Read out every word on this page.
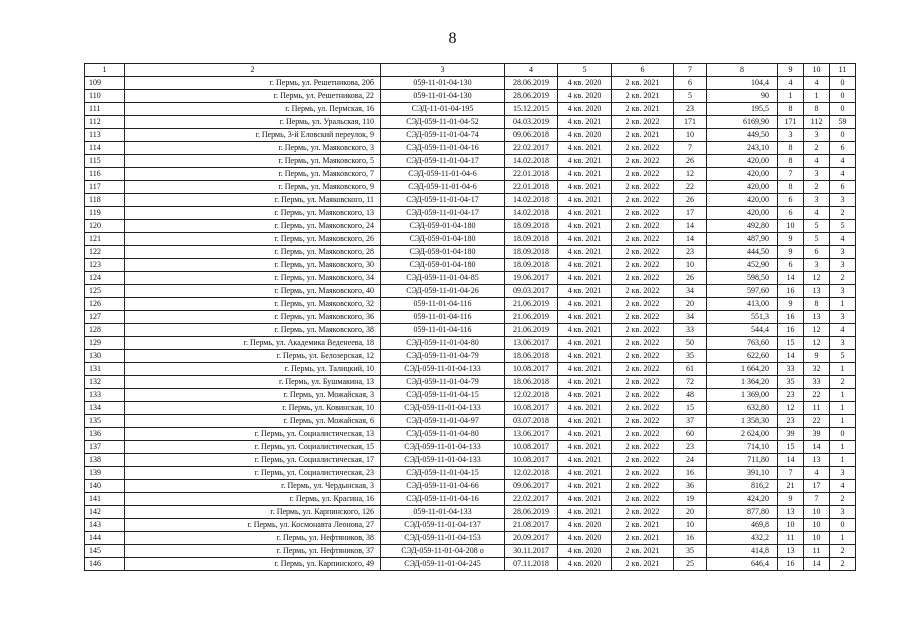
8
1	2	3	4	5	6	7	8	9	10	11
109	г. Пермь, ул. Решетникова, 20б	059-11-01-04-130	28.06.2019	4 кв. 2020	2 кв. 2021	6	104,4	4	4	0
110	г. Пермь, ул. Решетникова, 22	059-11-01-04-130	28.06.2019	4 кв. 2020	2 кв. 2021	5	90	1	1	0
111	г. Пермь, ул. Пермская, 16	СЭД-11-01-04-195	15.12.2015	4 кв. 2020	2 кв. 2021	23	195,5	8	8	0
112	г. Пермь, ул. Уральская, 110	СЭД-059-11-01-04-52	04.03.2019	4 кв. 2021	2 кв. 2022	171	6169,90	171	112	59
113	г. Пермь, 3-й Еловский переулок, 9	СЭД-059-11-01-04-74	09.06.2018	4 кв. 2020	2 кв. 2021	10	449,50	3	3	0
114	г. Пермь, ул. Маяковского, 3	СЭД-059-11-01-04-16	22.02.2017	4 кв. 2021	2 кв. 2022	7	243,10	8	2	6
115	г. Пермь, ул. Маяковского, 5	СЭД-059-11-01-04-17	14.02.2018	4 кв. 2021	2 кв. 2022	26	420,00	8	4	4
116	г. Пермь, ул. Маяковского, 7	СЭД-059-11-01-04-6	22.01.2018	4 кв. 2021	2 кв. 2022	12	420,00	7	3	4
117	г. Пермь, ул. Маяковского, 9	СЭД-059-11-01-04-6	22.01.2018	4 кв. 2021	2 кв. 2022	22	420,00	8	2	6
118	г. Пермь, ул. Маяковского, 11	СЭД-059-11-01-04-17	14.02.2018	4 кв. 2021	2 кв. 2022	26	420,00	6	3	3
119	г. Пермь, ул. Маяковского, 13	СЭД-059-11-01-04-17	14.02.2018	4 кв. 2021	2 кв. 2022	17	420,00	6	4	2
120	г. Пермь, ул. Маяковского, 24	СЭД-059-01-04-180	18.09.2018	4 кв. 2021	2 кв. 2022	14	492,80	10	5	5
121	г. Пермь, ул. Маяковского, 26	СЭД-059-01-04-180	18.09.2018	4 кв. 2021	2 кв. 2022	14	487,90	9	5	4
122	г. Пермь, ул. Маяковского, 28	СЭД-059-01-04-180	18.09.2018	4 кв. 2021	2 кв. 2022	23	444,50	9	6	3
123	г. Пермь, ул. Маяковского, 30	СЭД-059-01-04-180	18.09.2018	4 кв. 2021	2 кв. 2022	10	452,90	6	3	3
124	г. Пермь, ул. Маяковского, 34	СЭД-059-11-01-04-85	19.06.2017	4 кв. 2021	2 кв. 2022	26	598,50	14	12	2
125	г. Пермь, ул. Маяковского, 40	СЭД-059-11-01-04-26	09.03.2017	4 кв. 2021	2 кв. 2022	34	597,60	16	13	3
126	г. Пермь, ул. Маяковского, 32	059-11-01-04-116	21.06.2019	4 кв. 2021	2 кв. 2022	20	413,00	9	8	1
127	г. Пермь, ул. Маяковского, 36	059-11-01-04-116	21.06.2019	4 кв. 2021	2 кв. 2022	34	551,3	16	13	3
128	г. Пермь, ул. Маяковского, 38	059-11-01-04-116	21.06.2019	4 кв. 2021	2 кв. 2022	33	544,4	16	12	4
129	г. Пермь, ул. Академика Веденеева, 18	СЭД-059-11-01-04-80	13.06.2017	4 кв. 2021	2 кв. 2022	50	763,60	15	12	3
130	г. Пермь, ул. Белозерская, 12	СЭД-059-11-01-04-79	18.06.2018	4 кв. 2021	2 кв. 2022	35	622,60	14	9	5
131	г. Пермь, ул. Талицкий, 10	СЭД-059-11-01-04-133	10.08.2017	4 кв. 2021	2 кв. 2022	61	1 664,20	33	32	1
132	г. Пермь, ул. Бушмакина, 13	СЭД-059-11-01-04-79	18.06.2018	4 кв. 2021	2 кв. 2022	72	1 364,20	35	33	2
133	г. Пермь, ул. Можайская, 3	СЭД-059-11-01-04-15	12.02.2018	4 кв. 2021	2 кв. 2022	48	1 369,00	23	22	1
134	г. Пермь, ул. Ковинская, 10	СЭД-059-11-01-04-133	10.08.2017	4 кв. 2021	2 кв. 2022	15	632,80	12	11	1
135	г. Пермь, ул. Можайская, 6	СЭД-059-11-01-04-97	03.07.2018	4 кв. 2021	2 кв. 2022	37	1 358,30	23	22	1
136	г. Пермь, ул. Социалистическая, 13	СЭД-059-11-01-04-80	13.06.2017	4 кв. 2021	2 кв. 2022	60	2 624,00	39	39	0
137	г. Пермь, ул. Социалистическая, 15	СЭД-059-11-01-04-133	10.08.2017	4 кв. 2021	2 кв. 2022	23	714,10	15	14	1
138	г. Пермь, ул. Социалистическая, 17	СЭД-059-11-01-04-133	10.08.2017	4 кв. 2021	2 кв. 2022	24	711,80	14	13	1
139	г. Пермь, ул. Социалистическая, 23	СЭД-059-11-01-04-15	12.02.2018	4 кв. 2021	2 кв. 2022	16	391,10	7	4	3
140	г. Пермь, ул. Чердынская, 3	СЭД-059-11-01-04-66	09.06.2017	4 кв. 2021	2 кв. 2022	36	816,2	21	17	4
141	г. Пермь, ул. Красина, 16	СЭД-059-11-01-04-16	22.02.2017	4 кв. 2021	2 кв. 2022	19	424,20	9	7	2
142	г. Пермь, ул. Карпинского, 126	059-11-01-04-133	28.06.2019	4 кв. 2021	2 кв. 2022	20	877,80	13	10	3
143	г. Пермь, ул. Космонавта Леонова, 27	СЭД-059-11-01-04-137	21.08.2017	4 кв. 2020	2 кв. 2021	10	469,8	10	10	0
144	г. Пермь, ул. Нефтяников, 38	СЭД-059-11-01-04-153	20.09.2017	4 кв. 2020	2 кв. 2021	16	432,2	11	10	1
145	г. Пермь, ул. Нефтяников, 37	СЭД-059-11-01-04-208 о	30.11.2017	4 кв. 2020	2 кв. 2021	35	414,8	13	11	2
146	г. Пермь, ул. Карпинского, 49	СЭД-059-11-01-04-245	07.11.2018	4 кв. 2020	2 кв. 2021	25	646,4	16	14	2
